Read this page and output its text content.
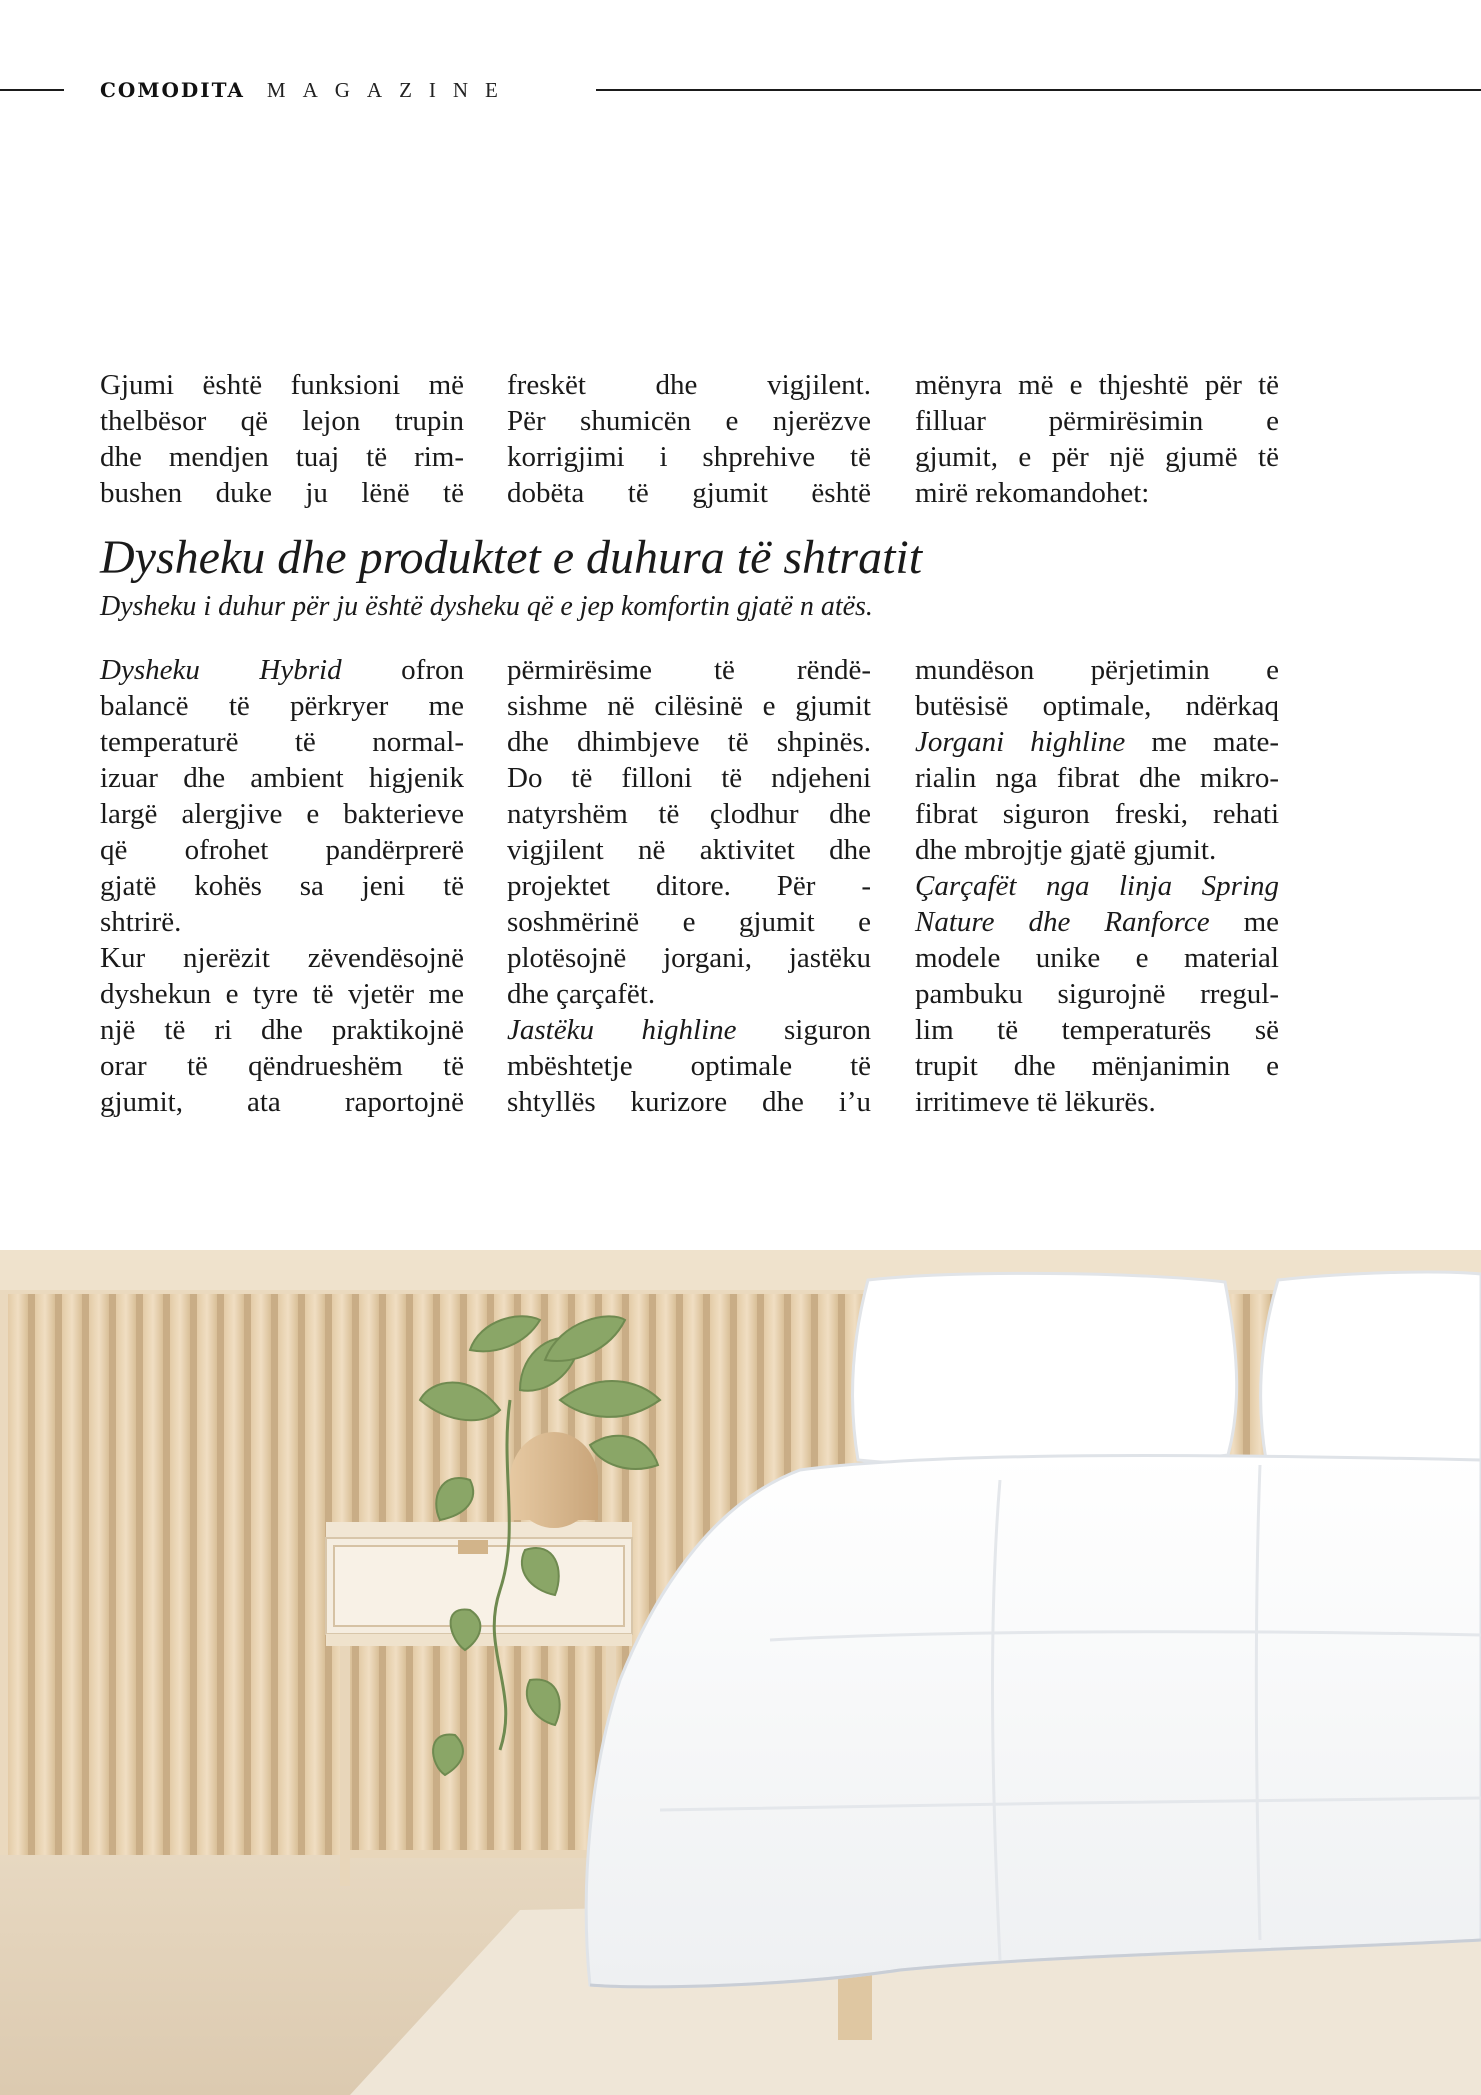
COMODITA MAGAZINE

Gjumi është funksioni më

thelbësor që lejon trupin

dhe mendjen tuaj të rim-

bushen duke ju lënë të

freskët dhe vigjilent.

Për shumicën e njerëzve

korrigjimi i shprehive të

dobëta të gjumit është

mënyra më e thjeshtë për të

filluar përmirësimin e

gjumit, e për një gjumë të

mirë rekomandohet:

Dysheku dhe produktet e duhura të shtratit
Dysheku i duhur për ju është dysheku që e jep komfortin gjatë n atës.

Dysheku Hybrid ofron

balancë të përkryer me

temperaturë të normal-

izuar dhe ambient higjenik

largë alergjive e bakterieve

që ofrohet pandërprerë

gjatë kohës sa jeni të

shtrirë.

Kur njerëzit zëvendësojnë

dyshekun e tyre të vjetër me

një të ri dhe praktikojnë

orar të qëndrueshëm të

gjumit, ata raportojnë

përmirësime të rëndë-

sishme në cilësinë e gjumit

dhe dhimbjeve të shpinës.

Do të filloni të ndjeheni

natyrshëm të çlodhur dhe

vigjilent në aktivitet dhe

projektet ditore. Për -

soshmërinë e gjumit e

plotësojnë jorgani, jastëku

dhe çarçafët.

Jastëku highline siguron

mbështetje optimale të

shtyllës kurizore dhe i’u

mundëson përjetimin e

butësisë optimale, ndërkaq

Jorgani highline me mate-

rialin nga fibrat dhe mikro-

fibrat siguron freski, rehati

dhe mbrojtje gjatë gjumit.

Çarçafët nga linja Spring

Nature dhe Ranforce me

modele unike e material

pambuku sigurojnë rregul-

lim të temperaturës së

trupit dhe mënjanimin e

irritimeve të lëkurës.
